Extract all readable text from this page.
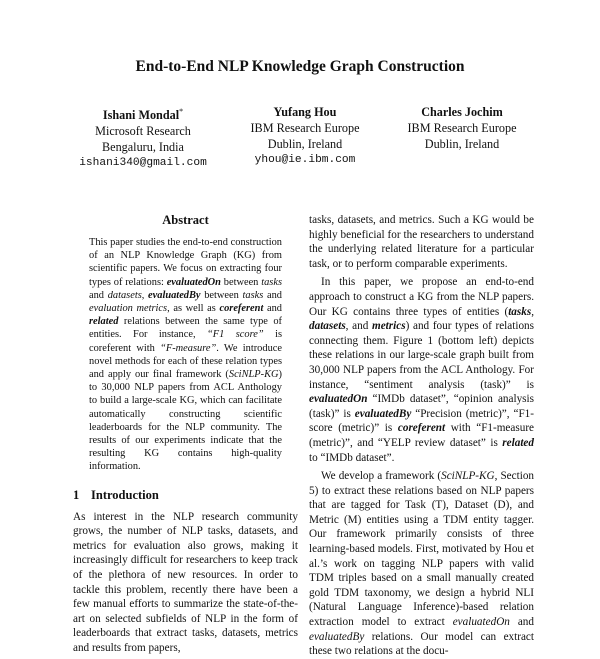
End-to-End NLP Knowledge Graph Construction
Ishani Mondal*
Microsoft Research
Bengaluru, India
ishani340@gmail.com
Yufang Hou
IBM Research Europe
Dublin, Ireland
yhou@ie.ibm.com
Charles Jochim
IBM Research Europe
Dublin, Ireland
Abstract
This paper studies the end-to-end construction of an NLP Knowledge Graph (KG) from scientific papers. We focus on extracting four types of relations: evaluatedOn between tasks and datasets, evaluatedBy between tasks and evaluation metrics, as well as coreferent and related relations between the same type of entities. For instance, “F1 score” is coreferent with “F-measure”. We introduce novel methods for each of these relation types and apply our final framework (SciNLP-KG) to 30,000 NLP papers from ACL Anthology to build a large-scale KG, which can facilitate automatically constructing scientific leaderboards for the NLP community. The results of our experiments indicate that the resulting KG contains high-quality information.
1 Introduction

As interest in the NLP research community grows, the number of NLP tasks, datasets, and metrics for evaluation also grows, making it increasingly difficult for researchers to keep track of the plethora of new resources. In order to tackle this problem, recently there have been a few manual efforts to summarize the state-of-the-art on selected subfields of NLP in the form of leaderboards that extract tasks, datasets, metrics and results from papers,

tasks, datasets, and metrics. Such a KG would be highly beneficial for the researchers to understand the underlying related literature for a particular task, or to perform comparable experiments.

In this paper, we propose an end-to-end approach to construct a KG from the NLP papers. Our KG contains three types of entities (tasks, datasets, and metrics) and four types of relations connecting them. Figure 1 (bottom left) depicts these relations in our large-scale graph built from 30,000 NLP papers from the ACL Anthology. For instance, “sentiment analysis (task)” is evaluatedOn “IMDb dataset”, “opinion analysis (task)” is evaluatedBy “Precision (metric)”, “F1-score (metric)” is coreferent with “F1-measure (metric)”, and “YELP review dataset” is related to “IMDb dataset”.

We develop a framework (SciNLP-KG, Section 5) to extract these relations based on NLP papers that are tagged for Task (T), Dataset (D), and Metric (M) entities using a TDM entity tagger. Our framework primarily consists of three learning-based models. First, motivated by Hou et al.’s work on tagging NLP papers with valid TDM triples based on a small manually created gold TDM taxonomy, we design a hybrid NLI (Natural Language Inference)-based relation extraction model to extract evaluatedOn and evaluatedBy relations. Our model can extract these two relations at the docu-
